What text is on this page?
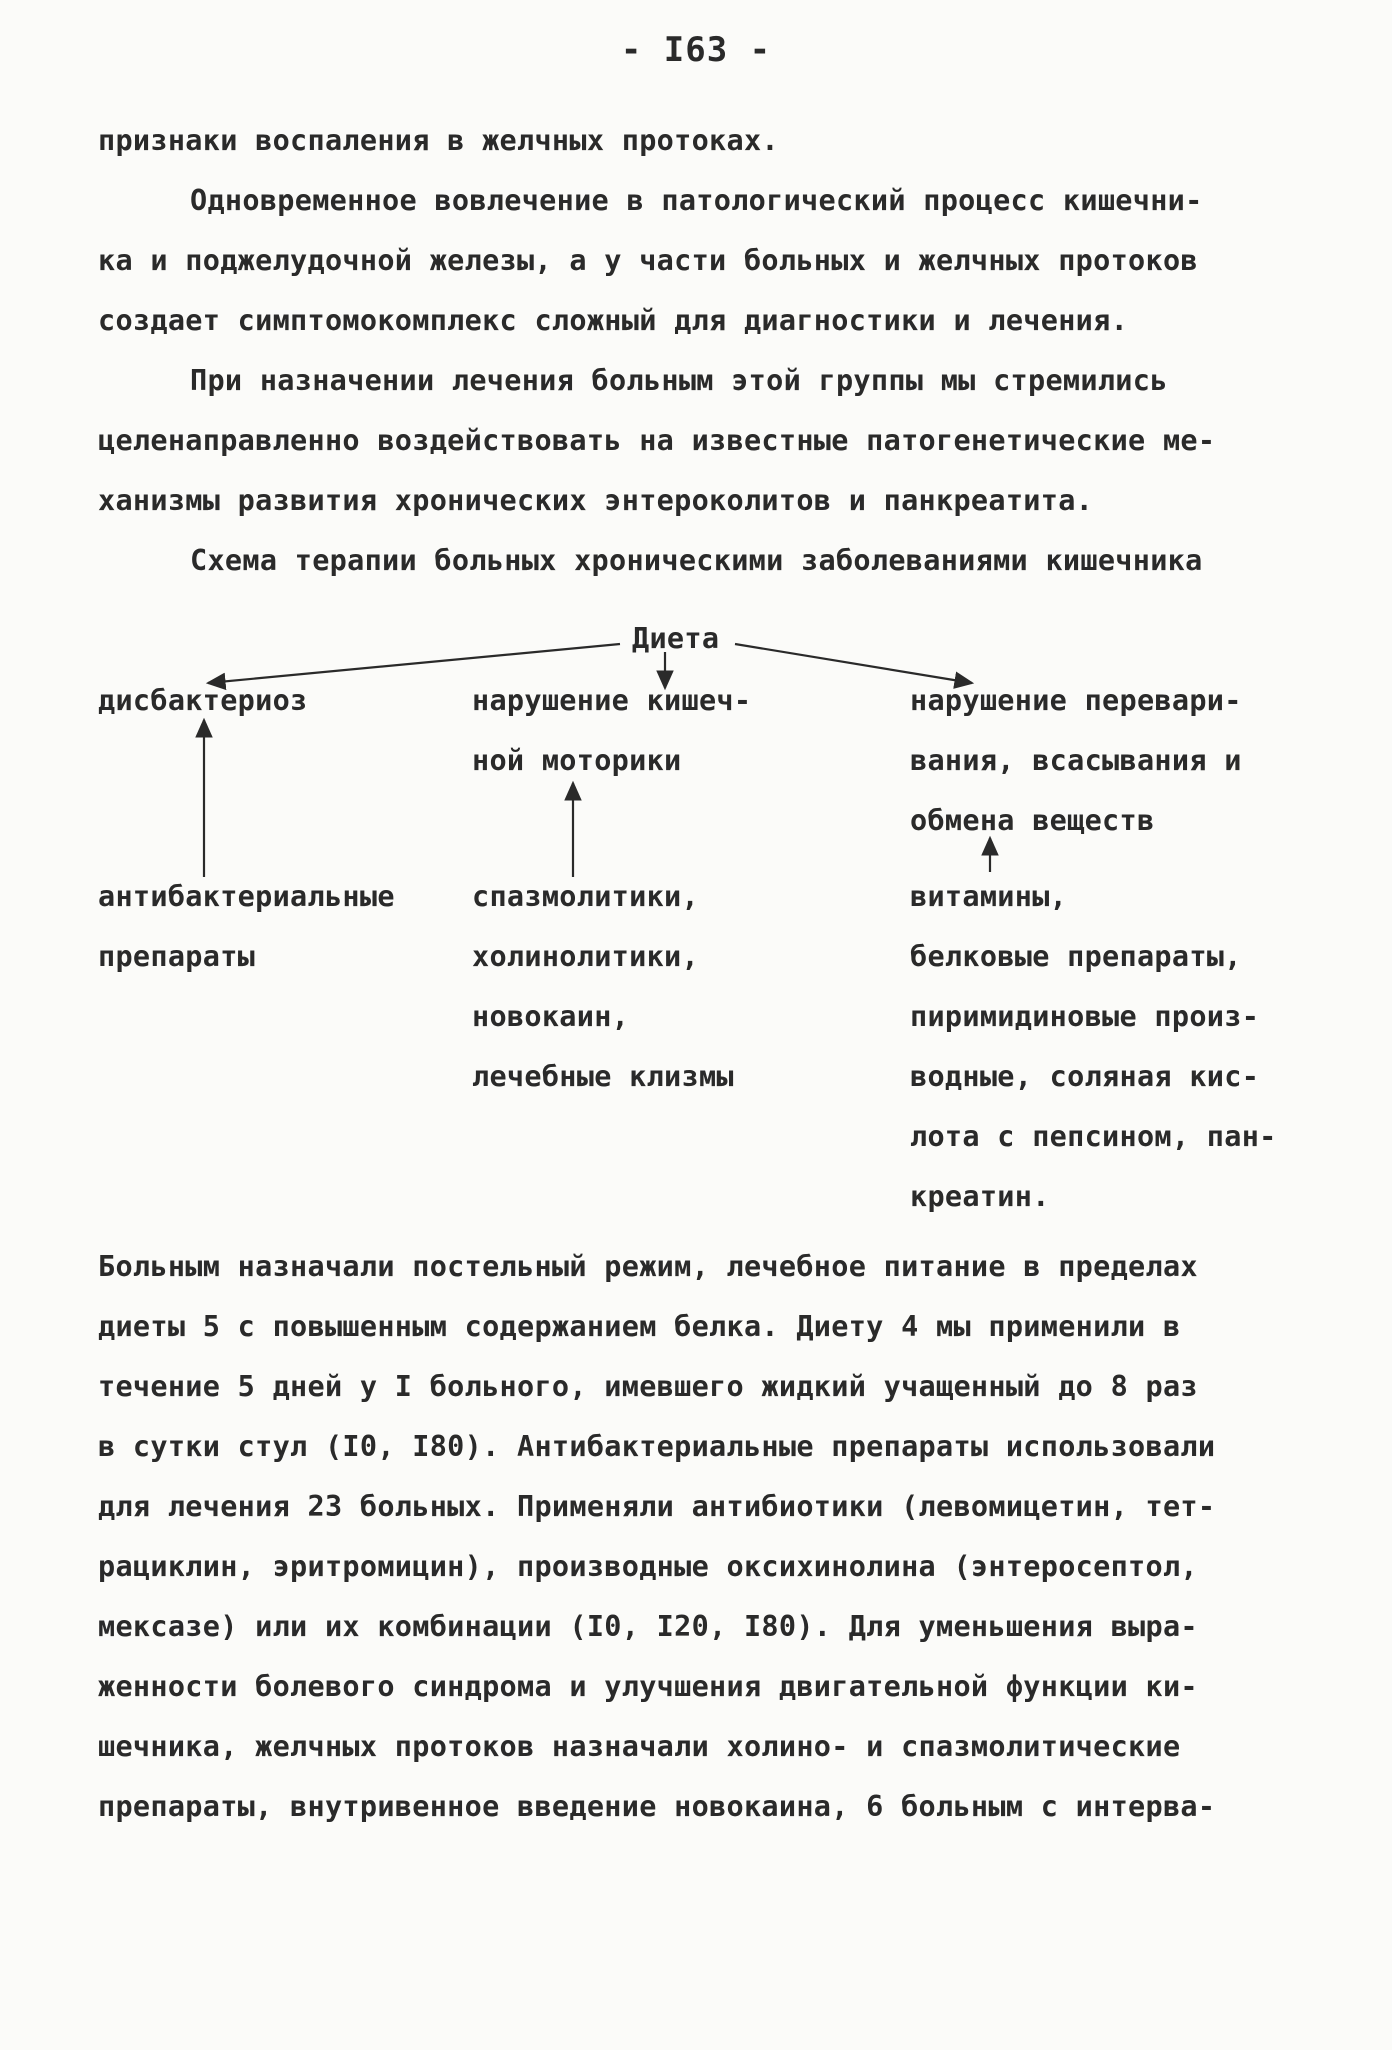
- I63 -
признаки воспаления в желчных протоках.
Одновременное вовлечение в патологический процесс кишечни-
ка и поджелудочной железы, а у части больных и желчных протоков
создает симптомокомплекс сложный для диагностики и лечения.
При назначении лечения больным этой группы мы стремились
целенаправленно воздействовать на известные патогенетические ме-
ханизмы развития хронических энтероколитов и панкреатита.
Схема терапии больных хроническими заболеваниями кишечника
Диета
дисбактериоз	нарушение кишеч-
ной моторики
нарушение перевари-
вания, всасывания и
обмена веществ
антибактериальные
препараты
спазмолитики,
холинолитики,
новокаин,
лечебные клизмы
витамины,
белковые препараты,
пиримидиновые произ-
водные, соляная кис-
лота с пепсином, пан-
креатин.
Больным назначали постельный режим, лечебное питание в пределах
диеты 5 с повышенным содержанием белка. Диету 4 мы применили в
течение 5 дней у I больного, имевшего жидкий учащенный до 8 раз
в сутки стул (I0, I80). Антибактериальные препараты использовали
для лечения 23 больных. Применяли антибиотики (левомицетин, тет-
рациклин, эритромицин), производные оксихинолина (энтеросептол,
мексазе) или их комбинации (I0, I20, I80). Для уменьшения выра-
женности болевого синдрома и улучшения двигательной функции ки-
шечника, желчных протоков назначали холино- и спазмолитические
препараты, внутривенное введение новокаина, 6 больным с интерва-
